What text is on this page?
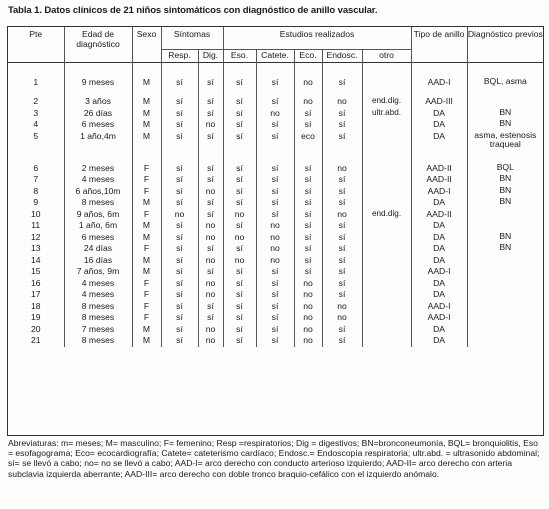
Tabla 1. Datos clínicos de 21 niños sintomáticos con diagnóstico de anillo vascular.
Pte	Edad de diagnóstico	Sexo	Síntomas		Estudios realizados					Tipo de anillo	Diagnóstico previos
			Resp.	Dig.	Eso.	Catete.	Eco.	Endosc.	otro		

1	9 meses	M	sí	sí	sí	sí	no	sí		AAD-I	BQL, asma
2	3 años	M	sí	sí	sí	sí	no	no	end.dig.	AAD-III	
3	26 días	M	sí	sí	sí	no	sí	sí	ultr.abd.	DA	BN
4	6 meses	M	sí	no	sí	sí	sí	sí		DA	BN
5	1 año,4m	M	sí	sí	sí	sí	eco	sí		DA	asma, estenosis traqueal
6	2 meses	F	sí	sí	sí	sí	sí	no		AAD-II	BQL
7	4 meses	F	sí	sí	sí	sí	sí	sí		AAD-II	BN
8	6 años,10m	F	sí	no	sí	sí	sí	sí		AAD-I	BN
9	8 meses	M	sí	sí	sí	sí	sí	sí		DA	BN
10	9 años, 6m	F	no	sí	no	sí	sí	no	end.dig.	AAD-II	
11	1 año, 6m	M	sí	no	sí	no	sí	sí		DA	
12	6 meses	M	sí	no	no	no	sí	sí		DA	BN
13	24 días	F	sí	sí	sí	no	sí	sí		DA	BN
14	16 días	M	sí	no	no	no	sí	sí		DA	
15	7 años, 9m	M	sí	sí	sí	sí	sí	sí		AAD-I	
16	4 meses	F	sí	no	sí	sí	no	sí		DA	
17	4 meses	F	sí	no	sí	sí	no	sí		DA	
18	8 meses	F	sí	sí	sí	sí	no	no		AAD-I	
19	8 meses	F	sí	sí	sí	sí	no	no		AAD-I	
20	7 meses	M	sí	no	sí	sí	no	sí		DA	
21	8 meses	M	sí	no	sí	sí	no	sí		DA	
Abreviaturas: m= meses; M= masculino; F= femenino; Resp =respiratorios; Dig = digestivos; BN=bronconeumonía, BQL= bronquiolitis, Eso = esofagograma; Eco= ecocardiografía; Catete= cateterismo cardíaco; Endosc.= Endoscopía respiratoria; ultr.abd. = ultrasonido abdominal; sí= se llevó a cabo; no= no se llevó a cabo; AAD-I= arco derecho con conducto arterioso izquierdo; AAD-II= arco derecho con arteria subclavia izquierda aberrante; AAD-III= arco derecho con doble tronco braquio-cefálico con el izquierdo anómalo.
